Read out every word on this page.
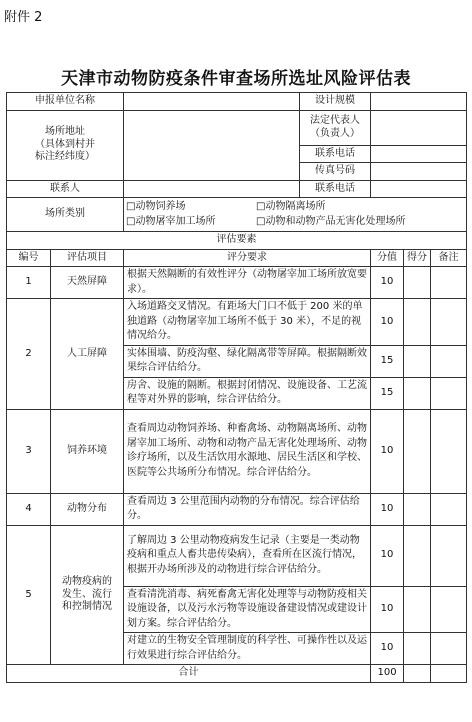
附件 2
天津市动物防疫条件审查场所选址风险评估表
申报单位名称			设计规模			
场所地址
（具体到村并
标注经纬度）			法定代表人
（负责人）			
			联系电话			
			传真号码			
联系人			联系电话			
场所类别		□动物饲养场 □动物隔离场所
□动物屠宰加工场所 □动物和动物产品无害化处理场所				

评估要素						
编号	评估项目	评分要求		分值	得分	备注
1	天然屏障	根据天然隔断的有效性评分（动物屠宰加工场所放宽要求）。		10		
2	人工屏障	入场道路交叉情况。有距场大门口不低于 200 米的单独道路（动物屠宰加工场所不低于 30 米），不足的视情况给分。		10		
		实体围墙、防疫沟壑、绿化隔离带等屏障。根据隔断效果综合评估给分。		15		
		房舍、设施的隔断。根据封闭情况、设施设备、工艺流程等对外界的影响，综合评估给分。		15		
3	饲养环境	查看周边动物饲养场、种畜禽场、动物隔离场所、动物屠宰加工场所、动物和动物产品无害化处理场所、动物诊疗场所，以及生活饮用水源地、居民生活区和学校、医院等公共场所分布情况。综合评估给分。		10		
4	动物分布	查看周边 3 公里范围内动物的分布情况。综合评估给分。		10		
5	动物疫病的
发生、流行
和控制情况	了解周边 3 公里动物疫病发生记录（主要是一类动物疫病和重点人畜共患传染病），查看所在区流行情况，根据开办场所涉及的动物进行综合评估给分。		10		
		查看清洗消毒、病死畜禽无害化处理等与动物防疫相关设施设备，以及污水污物等设施设备建设情况或建设计划方案。综合评估给分。		10		
		对建立的生物安全管理制度的科学性、可操作性以及运行效果进行综合评估给分。		10		
合计				100		
